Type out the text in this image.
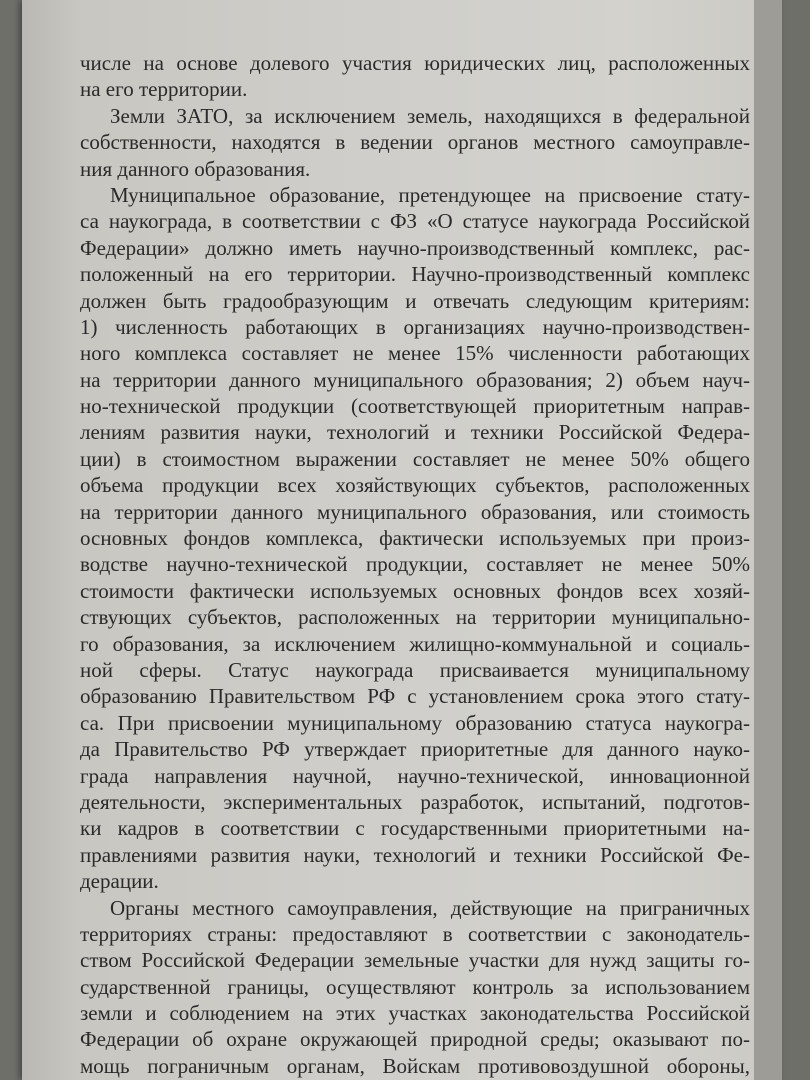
числе на основе долевого участия юридических лиц, расположенных
на его территории.
Земли ЗАТО, за исключением земель, находящихся в федеральной
собственности, находятся в ведении органов местного самоуправле-
ния данного образования.
Муниципальное образование, претендующее на присвоение стату-
са наукограда, в соответствии с ФЗ «О статусе наукограда Российской
Федерации» должно иметь научно-производственный комплекс, рас-
положенный на его территории. Научно-производственный комплекс
должен быть градообразующим и отвечать следующим критериям:
1) численность работающих в организациях научно-производствен-
ного комплекса составляет не менее 15% численности работающих
на территории данного муниципального образования; 2) объем науч-
но-технической продукции (соответствующей приоритетным направ-
лениям развития науки, технологий и техники Российской Федера-
ции) в стоимостном выражении составляет не менее 50% общего
объема продукции всех хозяйствующих субъектов, расположенных
на территории данного муниципального образования, или стоимость
основных фондов комплекса, фактически используемых при произ-
водстве научно-технической продукции, составляет не менее 50%
стоимости фактически используемых основных фондов всех хозяй-
ствующих субъектов, расположенных на территории муниципально-
го образования, за исключением жилищно-коммунальной и социаль-
ной сферы. Статус наукограда присваивается муниципальному
образованию Правительством РФ с установлением срока этого стату-
са. При присвоении муниципальному образованию статуса наукогра-
да Правительство РФ утверждает приоритетные для данного науко-
града направления научной, научно-технической, инновационной
деятельности, экспериментальных разработок, испытаний, подготов-
ки кадров в соответствии с государственными приоритетными на-
правлениями развития науки, технологий и техники Российской Фе-
дерации.
Органы местного самоуправления, действующие на приграничных
территориях страны: предоставляют в соответствии с законодатель-
ством Российской Федерации земельные участки для нужд защиты го-
сударственной границы, осуществляют контроль за использованием
земли и соблюдением на этих участках законодательства Российской
Федерации об охране окружающей природной среды; оказывают по-
мощь пограничным органам, Войскам противовоздушной обороны,
